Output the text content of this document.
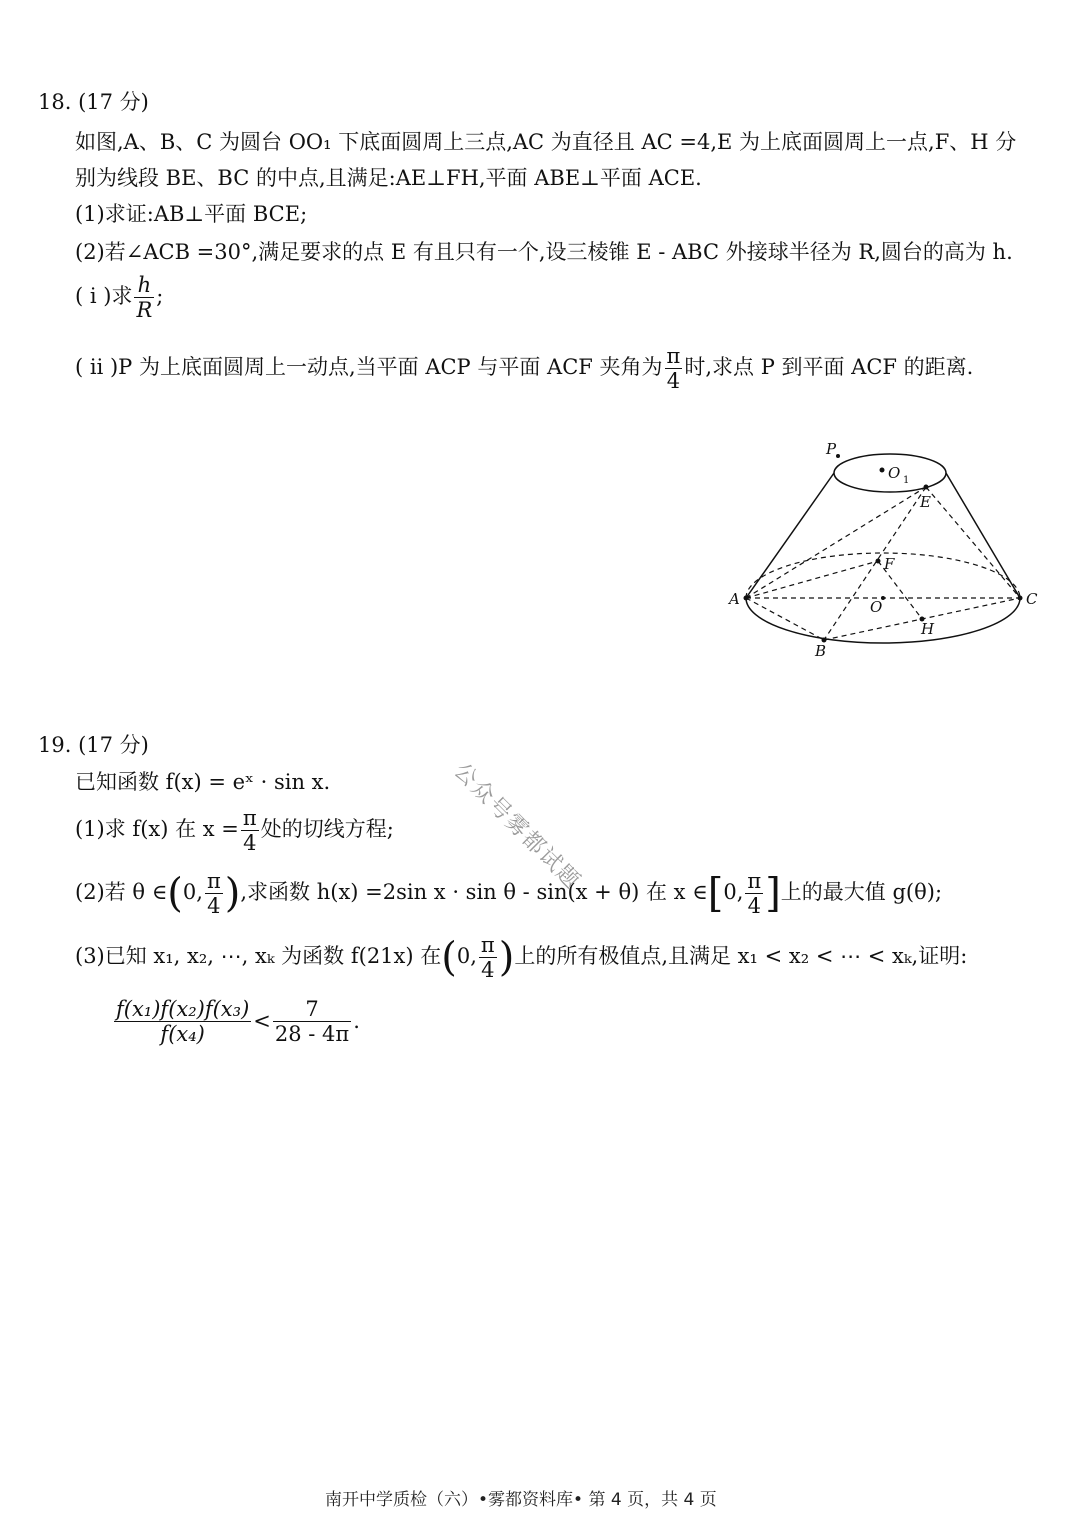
18. (17 分)
如图,A、B、C 为圆台 OO₁ 下底面圆周上三点,AC 为直径且 AC =4,E 为上底面圆周上一点,F、H 分
别为线段 BE、BC 的中点,且满足:AE⊥FH,平面 ABE⊥平面 ACE.
(1)求证:AB⊥平面 BCE;
(2)若∠ACB =30°,满足要求的点 E 有且只有一个,设三棱锥 E - ABC 外接球半径为 R,圆台的高为 h.
( ⅰ )求 $\frac{h}{R}$ ;
( ⅱ )P 为上底面圆周上一动点,当平面 ACP 与平面 ACF 夹角为 $\frac{\pi}{4}$ 时,求点 P 到平面 ACF 的距离.
P
O 1
E
F
A	O	C
H
B
19. (17 分)
已知函数 f(x) = eˣ · sin x.
(1)求 f(x) 在 $x = \frac{\pi}{4}$ 处的切线方程;
(2)若 θ ∈(0, $\frac{\pi}{4}$ ),求函数 h(x) =2sin x · sin θ - sin(x + θ) 在 x ∈[0, $\frac{\pi}{4}$ ]上的最大值 g(θ);
(3)已知 x₁, x₂, ⋯, xₖ 为函数 f(21x) 在(0, $\frac{\pi}{4}$ )上的所有极值点,且满足 x₁ < x₂ < ⋯ < xₖ,证明:
$\frac{\text{f(x₁)f(x₂)f(x₃)}}{\text{f(x₄)}} < \frac{7}{28 - 4\pi}$ .
公众号雾都试题
南开中学质检（六）•雾都资料库• 第 4 页，共 4 页
